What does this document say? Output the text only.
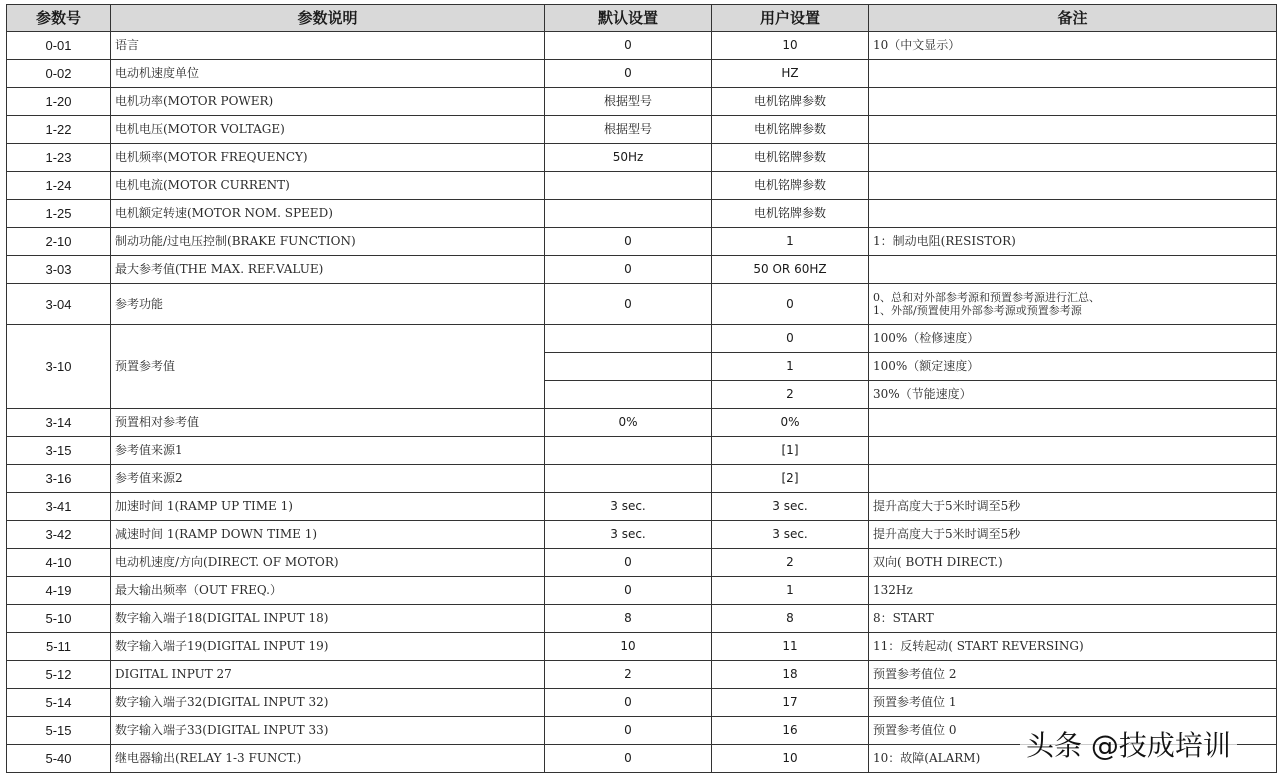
参数号	参数说明	默认设置	用户设置	备注
0-01	语言	0	10	10（中文显示）
0-02	电动机速度单位	0	HZ	
1-20	电机功率(MOTOR POWER)	根据型号	电机铭牌参数	
1-22	电机电压(MOTOR VOLTAGE)	根据型号	电机铭牌参数	
1-23	电机频率(MOTOR FREQUENCY)	50Hz	电机铭牌参数	
1-24	电机电流(MOTOR CURRENT)		电机铭牌参数	
1-25	电机额定转速(MOTOR NOM. SPEED)		电机铭牌参数	
2-10	制动功能/过电压控制(BRAKE FUNCTION)	0	1	1：制动电阻(RESISTOR)
3-03	最大参考值(THE MAX. REF.VALUE)	0	50 OR 60HZ	
3-04	参考功能	0	0	0、总和对外部参考源和预置参考源进行汇总、
1、外部/预置使用外部参考源或预置参考源
3-10	预置参考值		0	100%（检修速度）
			1	100%（额定速度）
			2	30%（节能速度）
3-14	预置相对参考值	0%	0%	
3-15	参考值来源1		[1]	
3-16	参考值来源2		[2]	
3-41	加速时间 1(RAMP UP TIME 1)	3 sec.	3 sec.	提升高度大于5米时调至5秒
3-42	减速时间 1(RAMP DOWN TIME 1)	3 sec.	3 sec.	提升高度大于5米时调至5秒
4-10	电动机速度/方向(DIRECT. OF MOTOR)	0	2	双向( BOTH DIRECT.)
4-19	最大输出频率（OUT FREQ.）	0	1	132Hz
5-10	数字输入端子18(DIGITAL INPUT 18)	8	8	8：START
5-11	数字输入端子19(DIGITAL INPUT 19)	10	11	11：反转起动( START REVERSING)
5-12	DIGITAL INPUT 27	2	18	预置参考值位 2
5-14	数字输入端子32(DIGITAL INPUT 32)	0	17	预置参考值位 1
5-15	数字输入端子33(DIGITAL INPUT 33)	0	16	预置参考值位 0
5-40	继电器输出(RELAY 1-3 FUNCT.)	0	10	10：故障(ALARM) 头条 @技成培训
